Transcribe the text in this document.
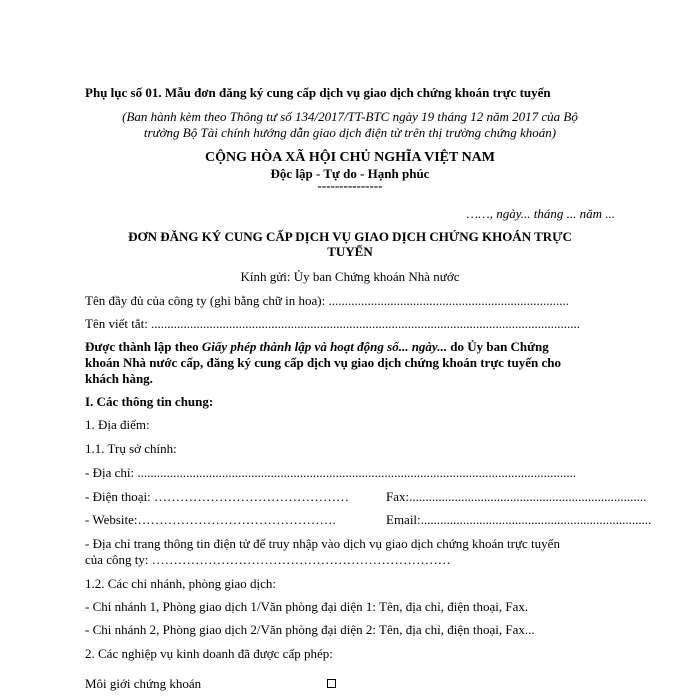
Phụ lục số 01. Mẫu đơn đăng ký cung cấp dịch vụ giao dịch chứng khoán trực tuyến
(Ban hành kèm theo Thông tư số 134/2017/TT-BTC ngày 19 tháng 12 năm 2017 của Bộ
trưởng Bộ Tài chính hướng dẫn giao dịch điện tử trên thị trường chứng khoán)
CỘNG HÒA XÃ HỘI CHỦ NGHĨA VIỆT NAM
Độc lập - Tự do - Hạnh phúc
---------------
……, ngày... tháng ... năm ...
ĐƠN ĐĂNG KÝ CUNG CẤP DỊCH VỤ GIAO DỊCH CHỨNG KHOÁN TRỰC
TUYẾN
Kính gửi: Ủy ban Chứng khoán Nhà nước
Tên đầy đủ của công ty (ghi bằng chữ in hoa): ..........................................................................
Tên viết tắt: ....................................................................................................................................
Được thành lập theo Giấy phép thành lập và hoạt động số... ngày... do Ủy ban Chứng
khoán Nhà nước cấp, đăng ký cung cấp dịch vụ giao dịch chứng khoán trực tuyến cho
khách hàng.
I. Các thông tin chung:
1. Địa điểm:
1.1. Trụ sở chính:
- Địa chỉ: .......................................................................................................................................
- Điện thoại: ………………………………………	Fax:.........................................................................
- Website:……………………………………….	Email:.......................................................................
- Địa chỉ trang thông tin điện tử để truy nhập vào dịch vụ giao dịch chứng khoán trực tuyến
của công ty: ……………………………………………………………
1.2. Các chi nhánh, phòng giao dịch:
- Chi nhánh 1, Phòng giao dịch 1/Văn phòng đại diện 1: Tên, địa chỉ, điện thoại, Fax.
- Chi nhánh 2, Phòng giao dịch 2/Văn phòng đại diện 2: Tên, địa chỉ, điện thoại, Fax...
2. Các nghiệp vụ kinh doanh đã được cấp phép:
Môi giới chứng khoán
